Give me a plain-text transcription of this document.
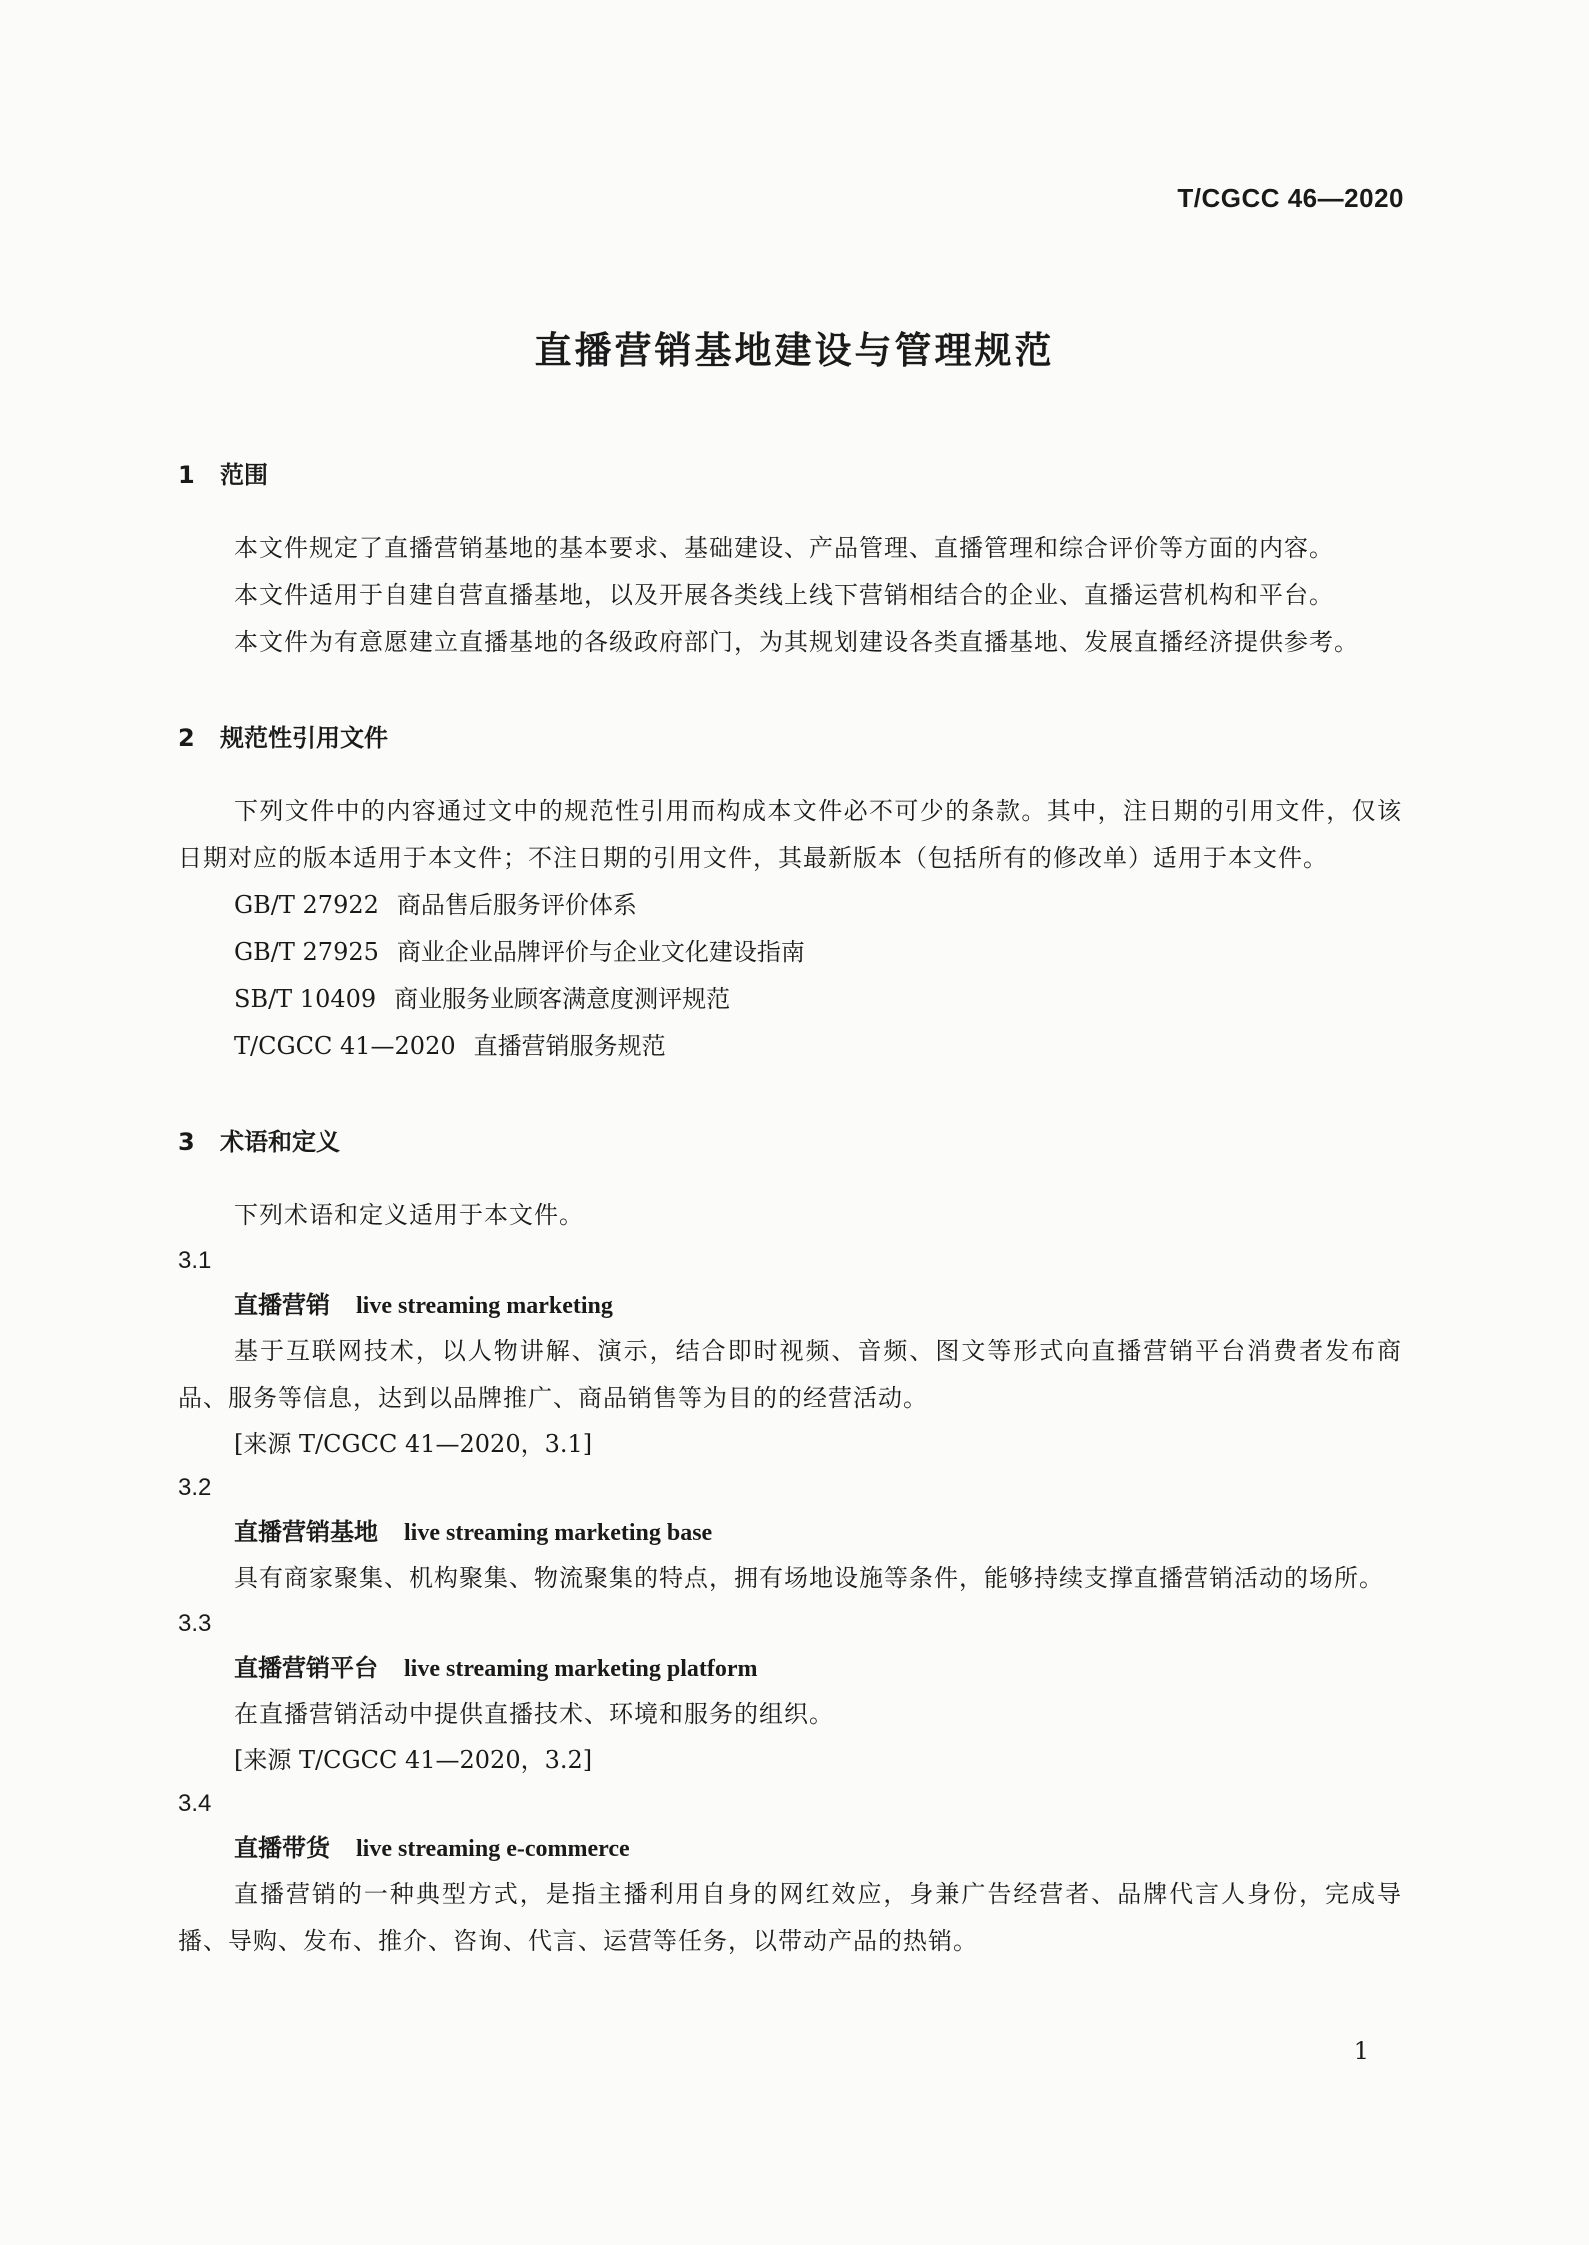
T/CGCC 46—2020
直播营销基地建设与管理规范
1 范围

本文件规定了直播营销基地的基本要求、基础建设、产品管理、直播管理和综合评价等方面的内容。

本文件适用于自建自营直播基地，以及开展各类线上线下营销相结合的企业、直播运营机构和平台。

本文件为有意愿建立直播基地的各级政府部门，为其规划建设各类直播基地、发展直播经济提供参考。

2 规范性引用文件

下列文件中的内容通过文中的规范性引用而构成本文件必不可少的条款。其中，注日期的引用文件，仅该日期对应的版本适用于本文件；不注日期的引用文件，其最新版本（包括所有的修改单）适用于本文件。

GB/T 27922 商品售后服务评价体系

GB/T 27925 商业企业品牌评价与企业文化建设指南

SB/T 10409 商业服务业顾客满意度测评规范

T/CGCC 41—2020 直播营销服务规范

3 术语和定义

下列术语和定义适用于本文件。

3.1

直播营销 live streaming marketing

基于互联网技术，以人物讲解、演示，结合即时视频、音频、图文等形式向直播营销平台消费者发布商品、服务等信息，达到以品牌推广、商品销售等为目的的经营活动。

[来源 T/CGCC 41—2020，3.1]

3.2

直播营销基地 live streaming marketing base

具有商家聚集、机构聚集、物流聚集的特点，拥有场地设施等条件，能够持续支撑直播营销活动的场所。

3.3

直播营销平台 live streaming marketing platform

在直播营销活动中提供直播技术、环境和服务的组织。

[来源 T/CGCC 41—2020，3.2]

3.4

直播带货 live streaming e-commerce

直播营销的一种典型方式，是指主播利用自身的网红效应，身兼广告经营者、品牌代言人身份，完成导播、导购、发布、推介、咨询、代言、运营等任务，以带动产品的热销。

1
